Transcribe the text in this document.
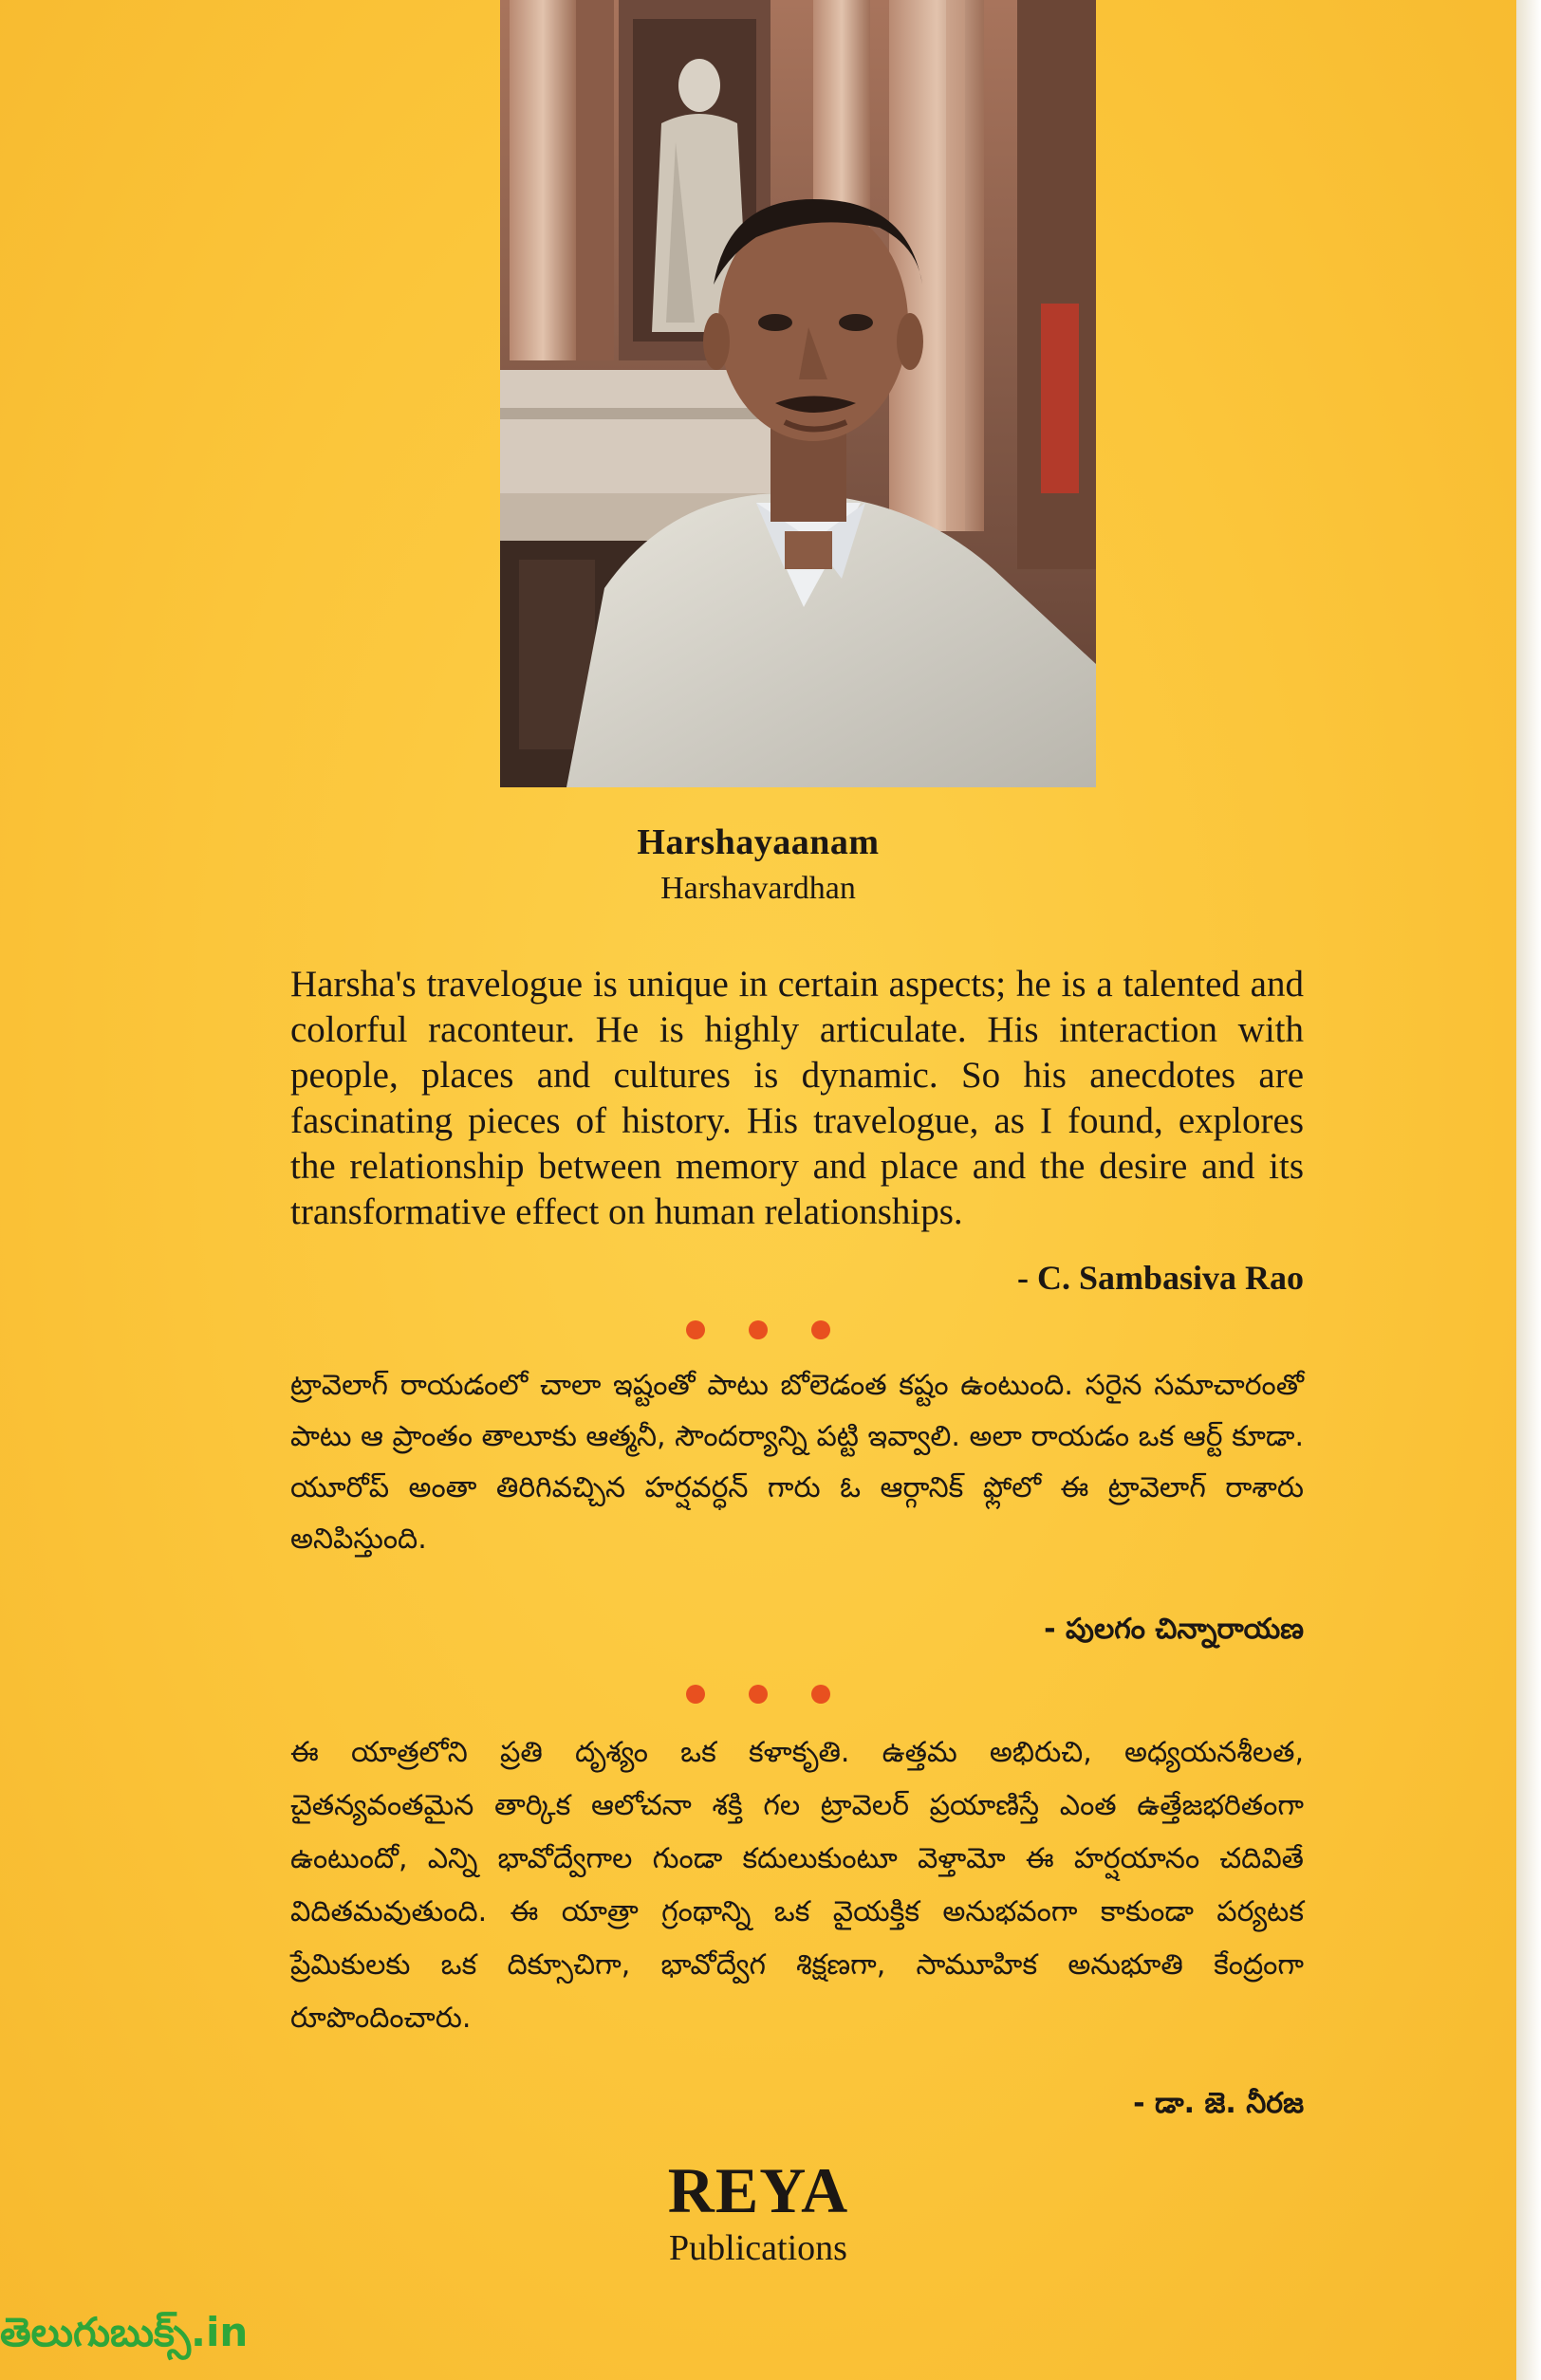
Harshayaanam
Harshavardhan

Harsha's travelogue is unique in certain aspects; he is a talented and colorful raconteur. He is highly articulate. His interaction with people, places and cultures is dynamic. So his anecdotes are fascinating pieces of history. His travelogue, as I found, explores the relationship between memory and place and the desire and its transformative effect on human relationships.

- C. Sambasiva Rao

ట్రావెలాగ్ రాయడంలో చాలా ఇష్టంతో పాటు బోలెడంత కష్టం ఉంటుంది. సరైన సమాచారంతో పాటు ఆ ప్రాంతం తాలూకు ఆత్మనీ, సౌందర్యాన్ని పట్టి ఇవ్వాలి. అలా రాయడం ఒక ఆర్ట్ కూడా. యూరోప్ అంతా తిరిగివచ్చిన హర్షవర్ధన్ గారు ఓ ఆర్గానిక్ ఫ్లోలో ఈ ట్రావెలాగ్ రాశారు అనిపిస్తుంది.

- పులగం చిన్నారాయణ

ఈ యాత్రలోని ప్రతి దృశ్యం ఒక కళాకృతి. ఉత్తమ అభిరుచి, అధ్యయనశీలత, చైతన్యవంతమైన తార్కిక ఆలోచనా శక్తి గల ట్రావెలర్ ప్రయాణిస్తే ఎంత ఉత్తేజభరితంగా ఉంటుందో, ఎన్ని భావోద్వేగాల గుండా కదులుకుంటూ వెళ్తామో ఈ హర్షయానం చదివితే విదితమవుతుంది. ఈ యాత్రా గ్రంథాన్ని ఒక వైయక్తిక అనుభవంగా కాకుండా పర్యటక ప్రేమికులకు ఒక దిక్సూచిగా, భావోద్వేగ శిక్షణగా, సామూహిక అనుభూతి కేంద్రంగా రూపొందించారు.

- డా. జె. నీరజ
REYA
Publications
తెలుగుబుక్స్.in
